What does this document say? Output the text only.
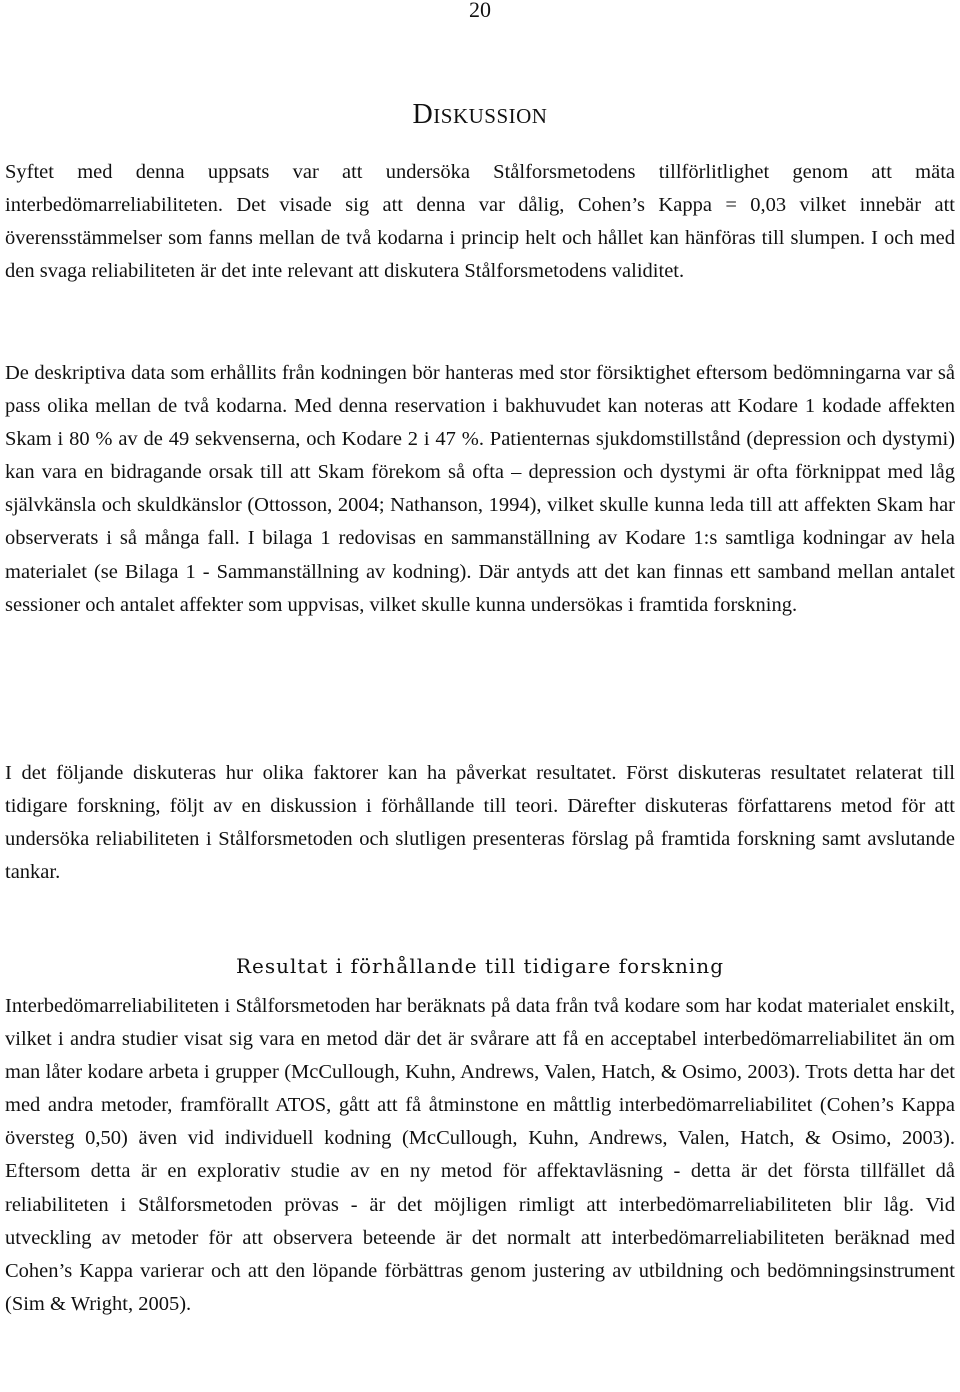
20
DISKUSSION

Syftet med denna uppsats var att undersöka Stålforsmetodens tillförlitlighet genom att mäta interbedömarreliabiliteten. Det visade sig att denna var dålig, Cohen’s Kappa = 0,03 vilket innebär att överensstämmelser som fanns mellan de två kodarna i princip helt och hållet kan hänföras till slumpen. I och med den svaga reliabiliteten är det inte relevant att diskutera Stålforsmetodens validitet.

De deskriptiva data som erhållits från kodningen bör hanteras med stor försiktighet eftersom bedömningarna var så pass olika mellan de två kodarna. Med denna reservation i bakhuvudet kan noteras att Kodare 1 kodade affekten Skam i 80 % av de 49 sekvenserna, och Kodare 2 i 47 %. Patienternas sjukdomstillstånd (depression och dystymi) kan vara en bidragande orsak till att Skam förekom så ofta – depression och dystymi är ofta förknippat med låg självkänsla och skuldkänslor (Ottosson, 2004; Nathanson, 1994), vilket skulle kunna leda till att affekten Skam har observerats i så många fall. I bilaga 1 redovisas en sammanställning av Kodare 1:s samtliga kodningar av hela materialet (se Bilaga 1 - Sammanställning av kodning). Där antyds att det kan finnas ett samband mellan antalet sessioner och antalet affekter som uppvisas, vilket skulle kunna undersökas i framtida forskning.

I det följande diskuteras hur olika faktorer kan ha påverkat resultatet. Först diskuteras resultatet relaterat till tidigare forskning, följt av en diskussion i förhållande till teori. Därefter diskuteras författarens metod för att undersöka reliabiliteten i Stålforsmetoden och slutligen presenteras förslag på framtida forskning samt avslutande tankar.

Resultat i förhållande till tidigare forskning

Interbedömarreliabiliteten i Stålforsmetoden har beräknats på data från två kodare som har kodat materialet enskilt, vilket i andra studier visat sig vara en metod där det är svårare att få en acceptabel interbedömarreliabilitet än om man låter kodare arbeta i grupper (McCullough, Kuhn, Andrews, Valen, Hatch, & Osimo, 2003). Trots detta har det med andra metoder, framförallt ATOS, gått att få åtminstone en måttlig interbedömarreliabilitet (Cohen’s Kappa översteg 0,50) även vid individuell kodning (McCullough, Kuhn, Andrews, Valen, Hatch, & Osimo, 2003). Eftersom detta är en explorativ studie av en ny metod för affektavläsning - detta är det första tillfället då reliabiliteten i Stålforsmetoden prövas - är det möjligen rimligt att interbedömarreliabiliteten blir låg. Vid utveckling av metoder för att observera beteende är det normalt att interbedömarreliabiliteten beräknad med Cohen’s Kappa varierar och att den löpande förbättras genom justering av utbildning och bedömningsinstrument (Sim & Wright, 2005).
